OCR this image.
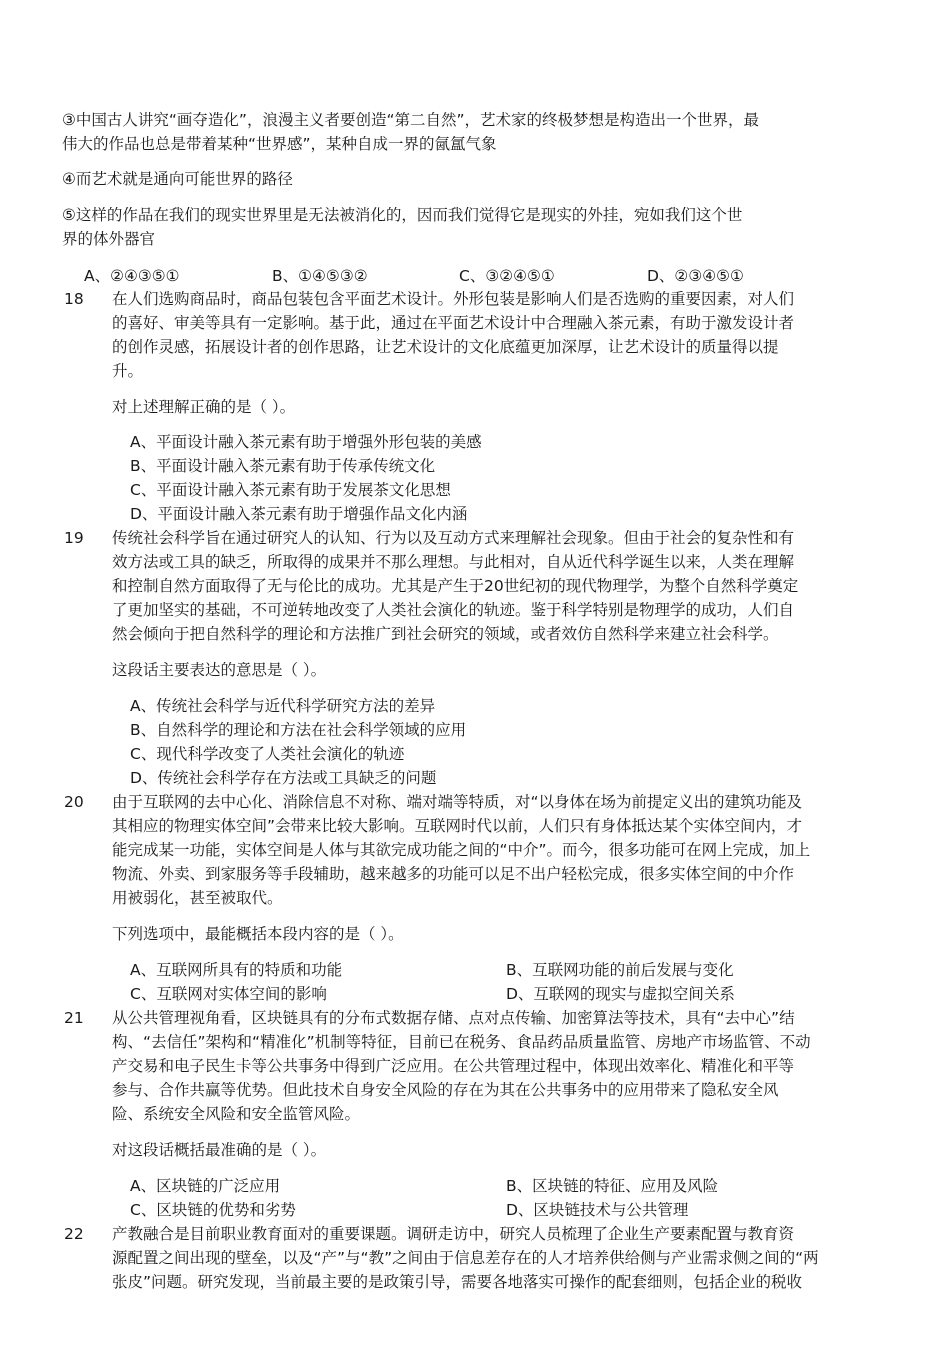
③中国古人讲究“画夺造化”，浪漫主义者要创造“第二自然”，艺术家的终极梦想是构造出一个世界，最
伟大的作品也总是带着某种“世界感”，某种自成一界的氤氲气象
④而艺术就是通向可能世界的路径
⑤这样的作品在我们的现实世界里是无法被消化的，因而我们觉得它是现实的外挂，宛如我们这个世
界的体外器官
A、②④③⑤①	B、①④⑤③②	C、③②④⑤①	D、②③④⑤①
18 在人们选购商品时，商品包装包含平面艺术设计。外形包装是影响人们是否选购的重要因素，对人们
的喜好、审美等具有一定影响。基于此，通过在平面艺术设计中合理融入茶元素，有助于激发设计者
的创作灵感，拓展设计者的创作思路，让艺术设计的文化底蕴更加深厚，让艺术设计的质量得以提
升。
对上述理解正确的是（ ）。
A、平面设计融入茶元素有助于增强外形包装的美感
B、平面设计融入茶元素有助于传承传统文化
C、平面设计融入茶元素有助于发展茶文化思想
D、平面设计融入茶元素有助于增强作品文化内涵
19 传统社会科学旨在通过研究人的认知、行为以及互动方式来理解社会现象。但由于社会的复杂性和有
效方法或工具的缺乏，所取得的成果并不那么理想。与此相对，自从近代科学诞生以来，人类在理解
和控制自然方面取得了无与伦比的成功。尤其是产生于20世纪初的现代物理学，为整个自然科学奠定
了更加坚实的基础，不可逆转地改变了人类社会演化的轨迹。鉴于科学特别是物理学的成功，人们自
然会倾向于把自然科学的理论和方法推广到社会研究的领域，或者效仿自然科学来建立社会科学。
这段话主要表达的意思是（ ）。
A、传统社会科学与近代科学研究方法的差异
B、自然科学的理论和方法在社会科学领域的应用
C、现代科学改变了人类社会演化的轨迹
D、传统社会科学存在方法或工具缺乏的问题
20 由于互联网的去中心化、消除信息不对称、端对端等特质，对“以身体在场为前提定义出的建筑功能及
其相应的物理实体空间”会带来比较大影响。互联网时代以前，人们只有身体抵达某个实体空间内，才
能完成某一功能，实体空间是人体与其欲完成功能之间的“中介”。而今，很多功能可在网上完成，加上
物流、外卖、到家服务等手段辅助，越来越多的功能可以足不出户轻松完成，很多实体空间的中介作
用被弱化，甚至被取代。
下列选项中，最能概括本段内容的是（ ）。
A、互联网所具有的特质和功能	B、互联网功能的前后发展与变化
C、互联网对实体空间的影响	D、互联网的现实与虚拟空间关系
21 从公共管理视角看，区块链具有的分布式数据存储、点对点传输、加密算法等技术，具有“去中心”结
构、“去信任”架构和“精准化”机制等特征，目前已在税务、食品药品质量监管、房地产市场监管、不动
产交易和电子民生卡等公共事务中得到广泛应用。在公共管理过程中，体现出效率化、精准化和平等
参与、合作共赢等优势。但此技术自身安全风险的存在为其在公共事务中的应用带来了隐私安全风
险、系统安全风险和安全监管风险。
对这段话概括最准确的是（ ）。
A、区块链的广泛应用	B、区块链的特征、应用及风险
C、区块链的优势和劣势	D、区块链技术与公共管理
22 产教融合是目前职业教育面对的重要课题。调研走访中，研究人员梳理了企业生产要素配置与教育资
源配置之间出现的壁垒，以及“产”与“教”之间由于信息差存在的人才培养供给侧与产业需求侧之间的“两
张皮”问题。研究发现，当前最主要的是政策引导，需要各地落实可操作的配套细则，包括企业的税收
